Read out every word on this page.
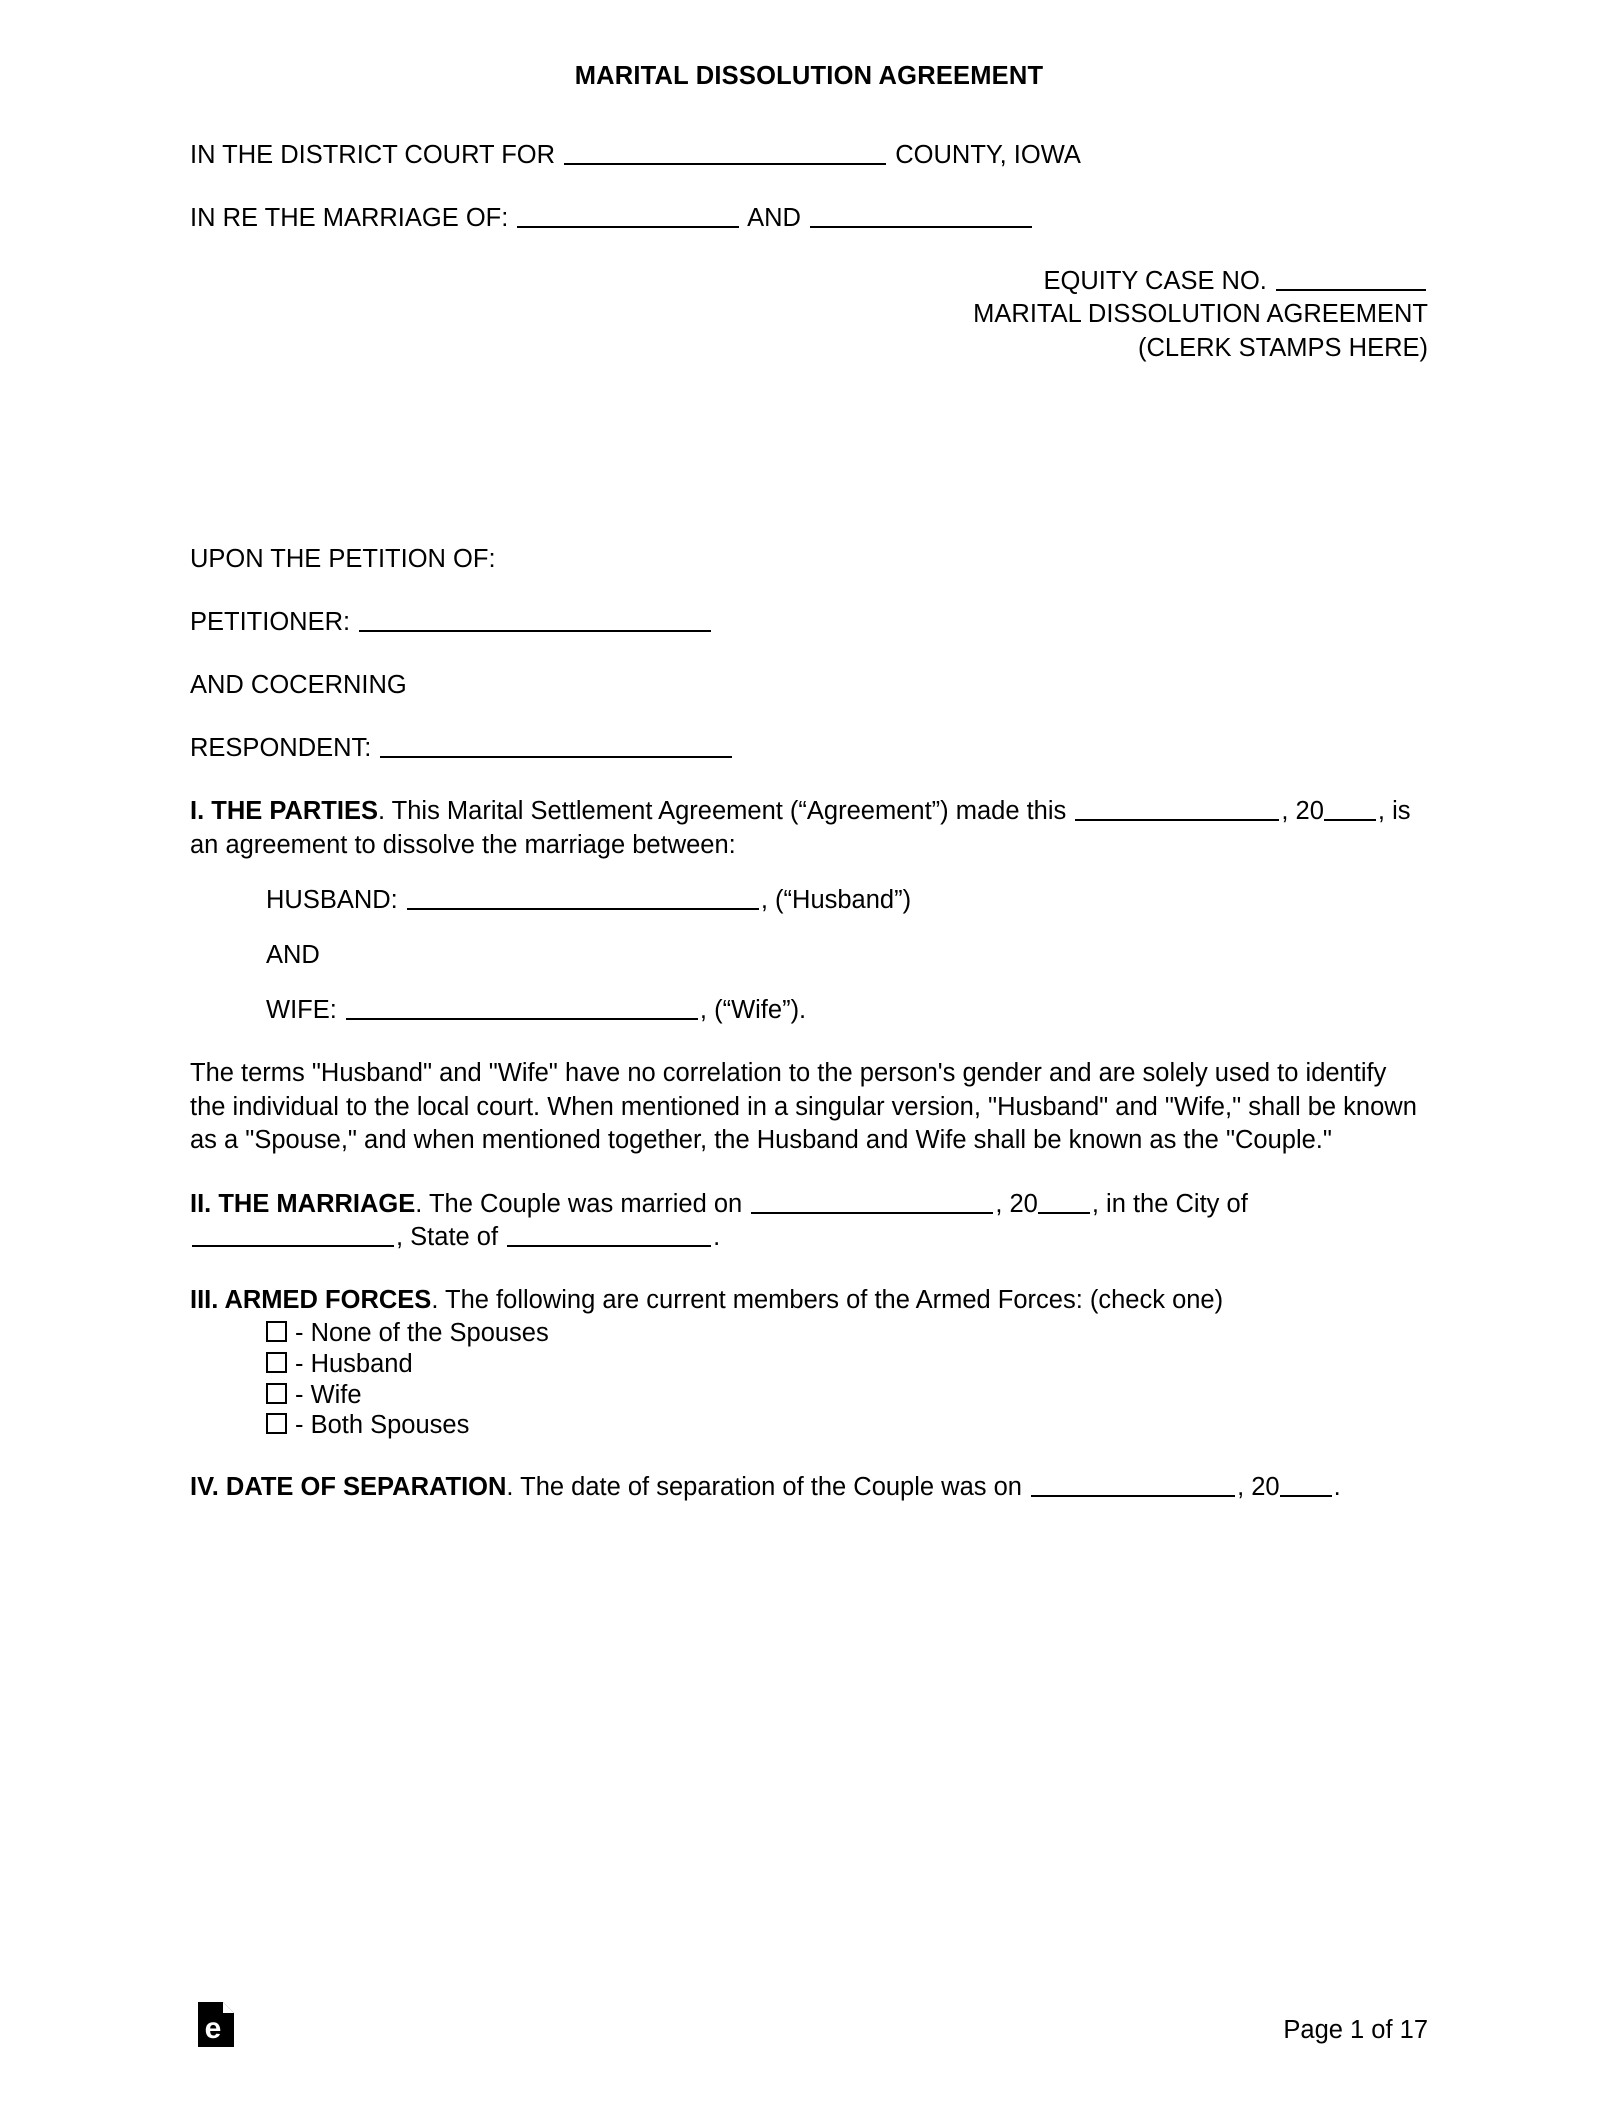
MARITAL DISSOLUTION AGREEMENT
IN THE DISTRICT COURT FOR	COUNTY, IOWA
IN RE THE MARRIAGE OF:	AND
EQUITY CASE NO.
MARITAL DISSOLUTION AGREEMENT
(CLERK STAMPS HERE)
UPON THE PETITION OF:
PETITIONER:
AND COCERNING
RESPONDENT:
I. THE PARTIES. This Marital Settlement Agreement (“Agreement”) made this	, 20 , is an agreement to dissolve the marriage between:
HUSBAND:	, (“Husband”)
AND
WIFE:	, (“Wife”).
The terms "Husband" and "Wife" have no correlation to the person's gender and are solely used to identify the individual to the local court. When mentioned in a singular version, "Husband" and "Wife," shall be known as a "Spouse," and when mentioned together, the Husband and Wife shall be known as the "Couple."
II. THE MARRIAGE. The Couple was married on	, 20 , in the City of , State of	.
III. ARMED FORCES. The following are current members of the Armed Forces: (check one)
- None of the Spouses
- Husband
- Wife
- Both Spouses
IV. DATE OF SEPARATION. The date of separation of the Couple was on	, 20 .
e	Page 1 of 17
